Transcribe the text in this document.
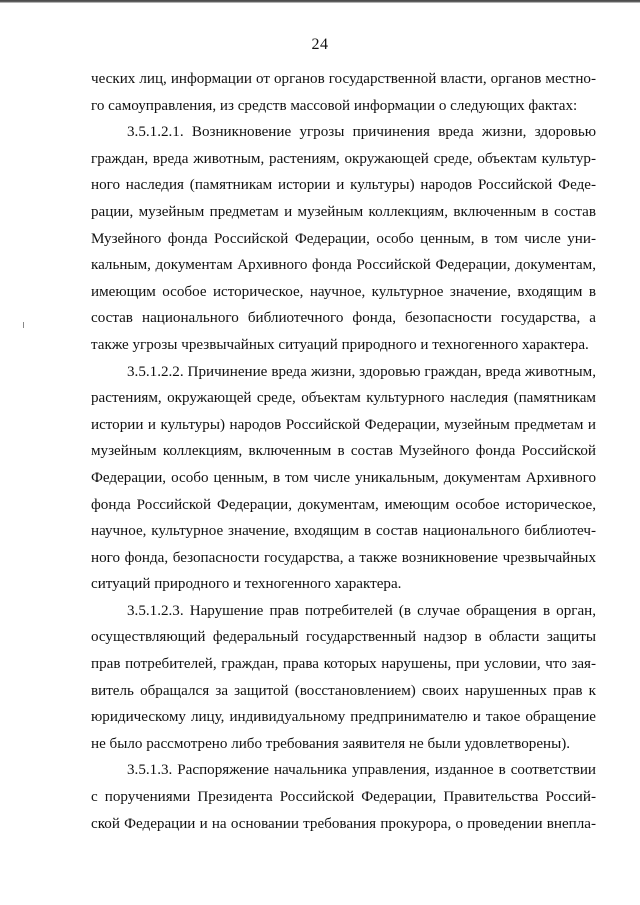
24
ческих лиц, информации от органов государственной власти, органов местно-
го самоуправления, из средств массовой информации о следующих фактах:
3.5.1.2.1. Возникновение угрозы причинения вреда жизни, здоровью
граждан, вреда животным, растениям, окружающей среде, объектам культур-
ного наследия (памятникам истории и культуры) народов Российской Феде-
рации, музейным предметам и музейным коллекциям, включенным в состав
Музейного фонда Российской Федерации, особо ценным, в том числе уни-
кальным, документам Архивного фонда Российской Федерации, документам,
имеющим особое историческое, научное, культурное значение, входящим в
состав национального библиотечного фонда, безопасности государства, а
также угрозы чрезвычайных ситуаций природного и техногенного характера.
3.5.1.2.2. Причинение вреда жизни, здоровью граждан, вреда животным,
растениям, окружающей среде, объектам культурного наследия (памятникам
истории и культуры) народов Российской Федерации, музейным предметам и
музейным коллекциям, включенным в состав Музейного фонда Российской
Федерации, особо ценным, в том числе уникальным, документам Архивного
фонда Российской Федерации, документам, имеющим особое историческое,
научное, культурное значение, входящим в состав национального библиотеч-
ного фонда, безопасности государства, а также возникновение чрезвычайных
ситуаций природного и техногенного характера.
3.5.1.2.3. Нарушение прав потребителей (в случае обращения в орган,
осуществляющий федеральный государственный надзор в области защиты
прав потребителей, граждан, права которых нарушены, при условии, что зая-
витель обращался за защитой (восстановлением) своих нарушенных прав к
юридическому лицу, индивидуальному предпринимателю и такое обращение
не было рассмотрено либо требования заявителя не были удовлетворены).
3.5.1.3. Распоряжение начальника управления, изданное в соответствии
с поручениями Президента Российской Федерации, Правительства Россий-
ской Федерации и на основании требования прокурора, о проведении внепла-
